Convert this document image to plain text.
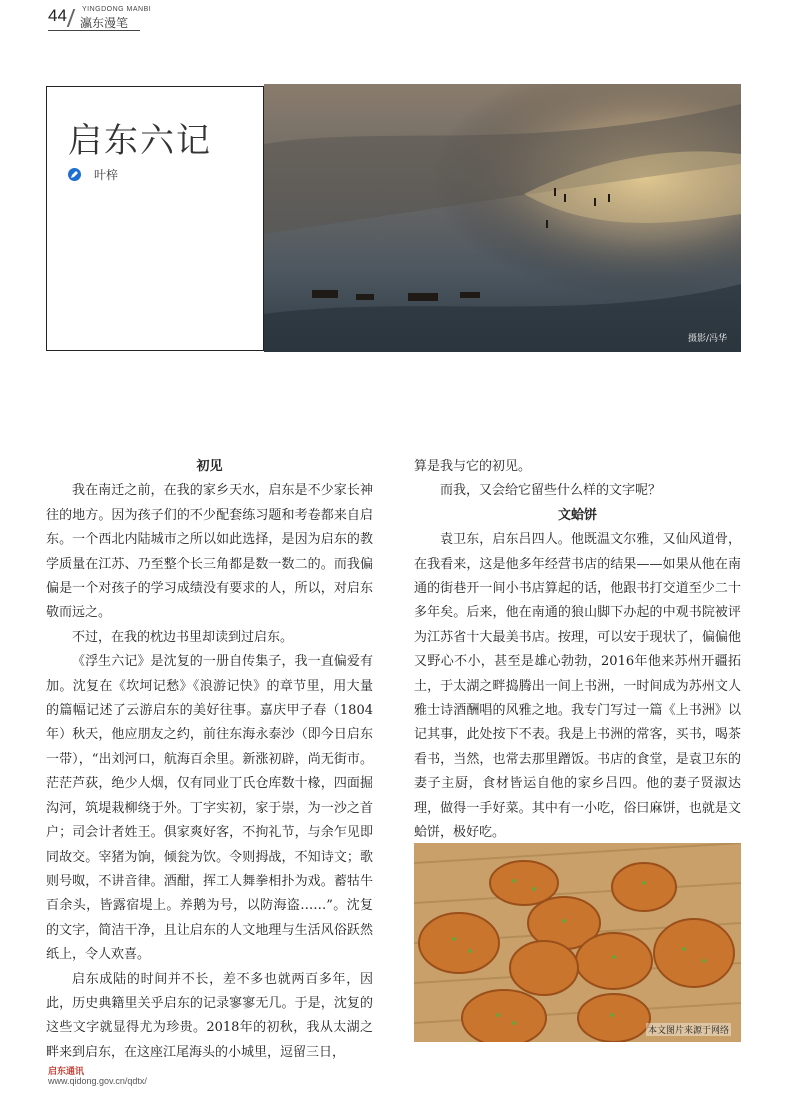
44 YINGDONG MANBI
瀛东漫笔
启东六记
叶梓
摄影/冯华
初见

我在南迁之前，在我的家乡天水，启东是不少家长神往的地方。因为孩子们的不少配套练习题和考卷都来自启东。一个西北内陆城市之所以如此选择，是因为启东的教学质量在江苏、乃至整个长三角都是数一数二的。而我偏偏是一个对孩子的学习成绩没有要求的人，所以，对启东敬而远之。

不过，在我的枕边书里却读到过启东。

《浮生六记》是沈复的一册自传集子，我一直偏爱有加。沈复在《坎坷记愁》《浪游记快》的章节里，用大量的篇幅记述了云游启东的美好往事。嘉庆甲子春（1804年）秋天，他应朋友之约，前往东海永泰沙（即今日启东一带），“出刘河口，航海百余里。新涨初辟，尚无街市。茫茫芦荻，绝少人烟，仅有同业丁氏仓库数十椽，四面掘沟河，筑堤栽柳绕于外。丁字实初，家于崇，为一沙之首户；司会计者姓王。俱家爽好客，不拘礼节，与余乍见即同故交。宰猪为饷，倾瓮为饮。令则拇战，不知诗文；歌则号呶，不讲音律。酒酣，挥工人舞拳相扑为戏。蓄牯牛百余头，皆露宿堤上。养鹅为号，以防海盗……”。沈复的文字，简洁干净，且让启东的人文地理与生活风俗跃然纸上，令人欢喜。

启东成陆的时间并不长，差不多也就两百多年，因此，历史典籍里关乎启东的记录寥寥无几。于是，沈复的这些文字就显得尤为珍贵。2018年的初秋，我从太湖之畔来到启东，在这座江尾海头的小城里，逗留三日，

算是我与它的初见。

而我，又会给它留些什么样的文字呢？

文蛤饼

袁卫东，启东吕四人。他既温文尔雅，又仙风道骨，在我看来，这是他多年经营书店的结果——如果从他在南通的街巷开一间小书店算起的话，他跟书打交道至少二十多年矣。后来，他在南通的狼山脚下办起的中观书院被评为江苏省十大最美书店。按理，可以安于现状了，偏偏他又野心不小，甚至是雄心勃勃，2016年他来苏州开疆拓土，于太湖之畔捣腾出一间上书洲，一时间成为苏州文人雅士诗酒酬唱的风雅之地。我专门写过一篇《上书洲》以记其事，此处按下不表。我是上书洲的常客，买书，喝茶看书，当然，也常去那里蹭饭。书店的食堂，是袁卫东的妻子主厨，食材皆运自他的家乡吕四。他的妻子贤淑达理，做得一手好菜。其中有一小吃，俗曰麻饼，也就是文蛤饼，极好吃。

本文图片来源于网络
启东通讯
www.qidong.gov.cn/qdtx/
